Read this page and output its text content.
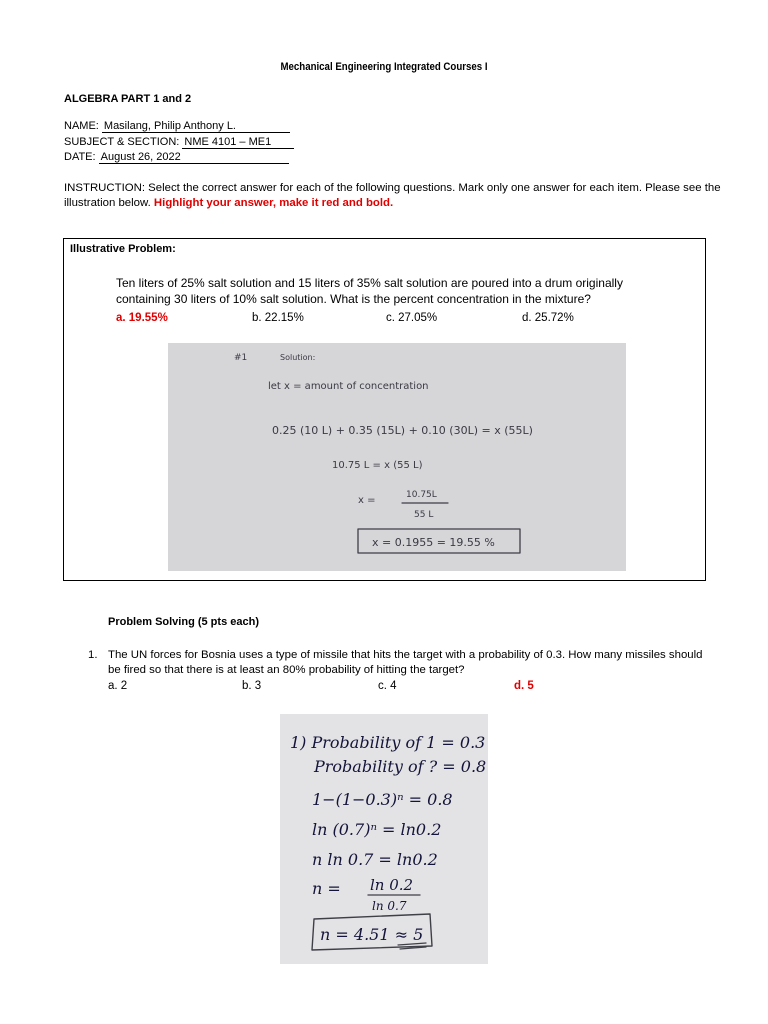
Mechanical Engineering Integrated Courses I
ALGEBRA PART 1 and 2
NAME: Masilang, Philip Anthony L.
SUBJECT & SECTION: NME 4101 – ME1
DATE: August 26, 2022
INSTRUCTION: Select the correct answer for each of the following questions. Mark only one answer for each item. Please see the illustration below. Highlight your answer, make it red and bold.
Illustrative Problem:
Ten liters of 25% salt solution and 15 liters of 35% salt solution are poured into a drum originally containing 30 liters of 10% salt solution. What is the percent concentration in the mixture?
a. 19.55%	b. 22.15%	c. 27.05%	d. 25.72%
#1	Solution:
let x = amount of concentration
0.25 (10 L) + 0.35 (15L) + 0.10 (30L) = x (55L)
10.75 L = x (55 L)
x =	10.75L
55 L
x = 0.1955 = 19.55 %
Problem Solving (5 pts each)
1. The UN forces for Bosnia uses a type of missile that hits the target with a probability of 0.3. How many missiles should be fired so that there is at least an 80% probability of hitting the target?
a. 2	b. 3	c. 4	d. 5
1) Probability of 1 = 0.3
Probability of ? = 0.8
1−(1−0.3)ⁿ = 0.8
ln (0.7)ⁿ = ln0.2
n ln 0.7 = ln0.2
n = ln 0.2
ln 0.7
n = 4.51 ≈ 5
